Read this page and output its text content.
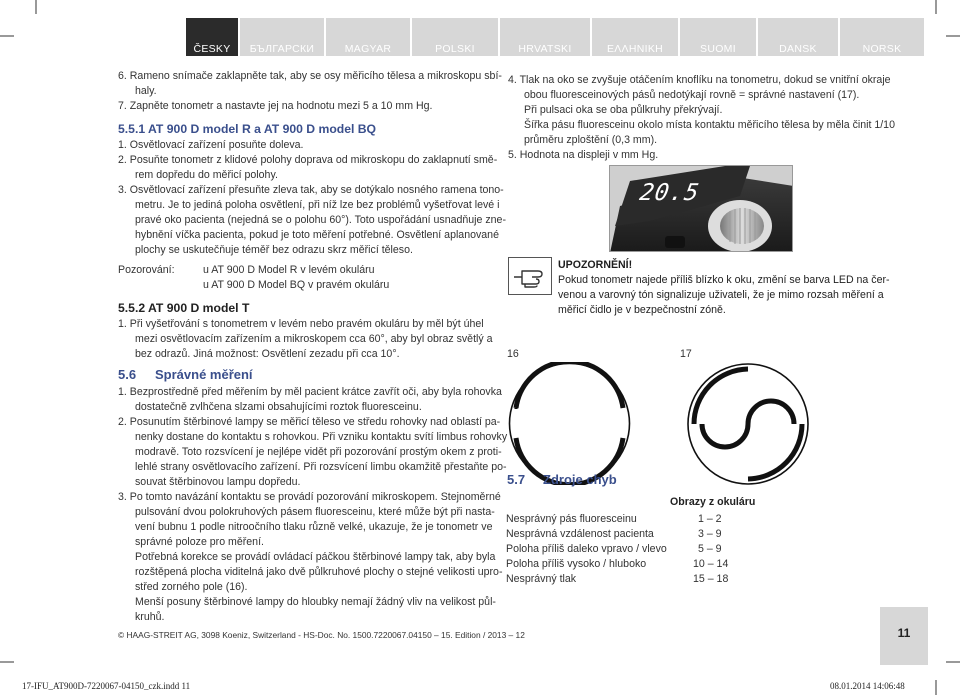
ČESKY	БЪЛГАРСКИ	MAGYAR	POLSKI	HRVATSKI	ΕΛΛΗΝΙΚΗ	SUOMI	DANSK	NORSK
6. Rameno snímače zaklapněte tak, aby se osy měřicího tělesa a mikroskopu sbí-
haly.
7. Zapněte tonometr a nastavte jej na hodnotu mezi 5 a 10 mm Hg.
5.5.1 AT 900 D model R a AT 900 D model BQ
1. Osvětlovací zařízení posuňte doleva.
2. Posuňte tonometr z klidové polohy doprava od mikroskopu do zaklapnutí smě-
rem dopředu do měřicí polohy.
3. Osvětlovací zařízení přesuňte zleva tak, aby se dotýkalo nosného ramena tono-
metru. Je to jediná poloha osvětlení, při níž lze bez problémů vyšetřovat levé i
pravé oko pacienta (nejedná se o polohu 60°). Toto uspořádání usnadňuje zne-
hybnění víčka pacienta, pokud je toto měření potřebné. Osvětlení aplanované
plochy se uskutečňuje téměř bez odrazu skrz měřicí těleso.
Pozorování:	u AT 900 D Model R v levém okuláru
u AT 900 D Model BQ v pravém okuláru
5.5.2 AT 900 D model T
1. Při vyšetřování s tonometrem v levém nebo pravém okuláru by měl být úhel
mezi osvětlovacím zařízením a mikroskopem cca 60°, aby byl obraz světlý a
bez odrazů. Jiná možnost: Osvětlení zezadu při cca 10°.
5.6 Správné měření
1. Bezprostředně před měřením by měl pacient krátce zavřít oči, aby byla rohovka
dostatečně zvlhčena slzami obsahujícími roztok fluoresceinu.
2. Posunutím štěrbinové lampy se měřicí těleso ve středu rohovky nad oblastí pa-
nenky dostane do kontaktu s rohovkou. Při vzniku kontaktu svítí limbus rohovky
modravě. Toto rozsvícení je nejlépe vidět při pozorování prostým okem z proti-
lehlé strany osvětlovacího zařízení. Při rozsvícení limbu okamžitě přestaňte po-
souvat štěrbinovou lampu dopředu.
3. Po tomto navázání kontaktu se provádí pozorování mikroskopem. Stejnoměrné
pulsování dvou polokruhových pásem fluoresceinu, které může být při nasta-
vení bubnu 1 podle nitroočního tlaku různě velké, ukazuje, že je tonometr ve
správné poloze pro měření.
Potřebná korekce se provádí ovládací páčkou štěrbinové lampy tak, aby byla
rozštěpená plocha viditelná jako dvě půlkruhové plochy o stejné velikosti upro-
střed zorného pole (16).
Menší posuny štěrbinové lampy do hloubky nemají žádný vliv na velikost půl-
kruhů.
4. Tlak na oko se zvyšuje otáčením knoflíku na tonometru, dokud se vnitřní okraje
obou fluoresceinových pásů nedotýkají rovně = správné nastavení (17).
Při pulsaci oka se oba půlkruhy překrývají.
Šířka pásu fluoresceinu okolo místa kontaktu měřicího tělesa by měla činit 1/10
průměru zploštění (0,3 mm).
5. Hodnota na displeji v mm Hg.
20.5
UPOZORNĚNÍ!
Pokud tonometr najede příliš blízko k oku, změní se barva LED na čer-
venou a varovný tón signalizuje uživateli, že je mimo rozsah měření a
měřicí čidlo je v bezpečnostní zóně.
16	17
5.7 Zdroje chyb
Obrazy z okuláru
Nesprávný pás fluoresceinu	1 – 2
Nesprávná vzdálenost pacienta	3 – 9
Poloha příliš daleko vpravo / vlevo	5 – 9
Poloha příliš vysoko / hluboko	10 – 14
Nesprávný tlak	15 – 18
© HAAG-STREIT AG, 3098 Koeniz, Switzerland - HS-Doc. No. 1500.7220067.04150 – 15. Edition / 2013 – 12	11
17-IFU_AT900D-7220067-04150_czk.indd 11	08.01.2014 14:06:48
